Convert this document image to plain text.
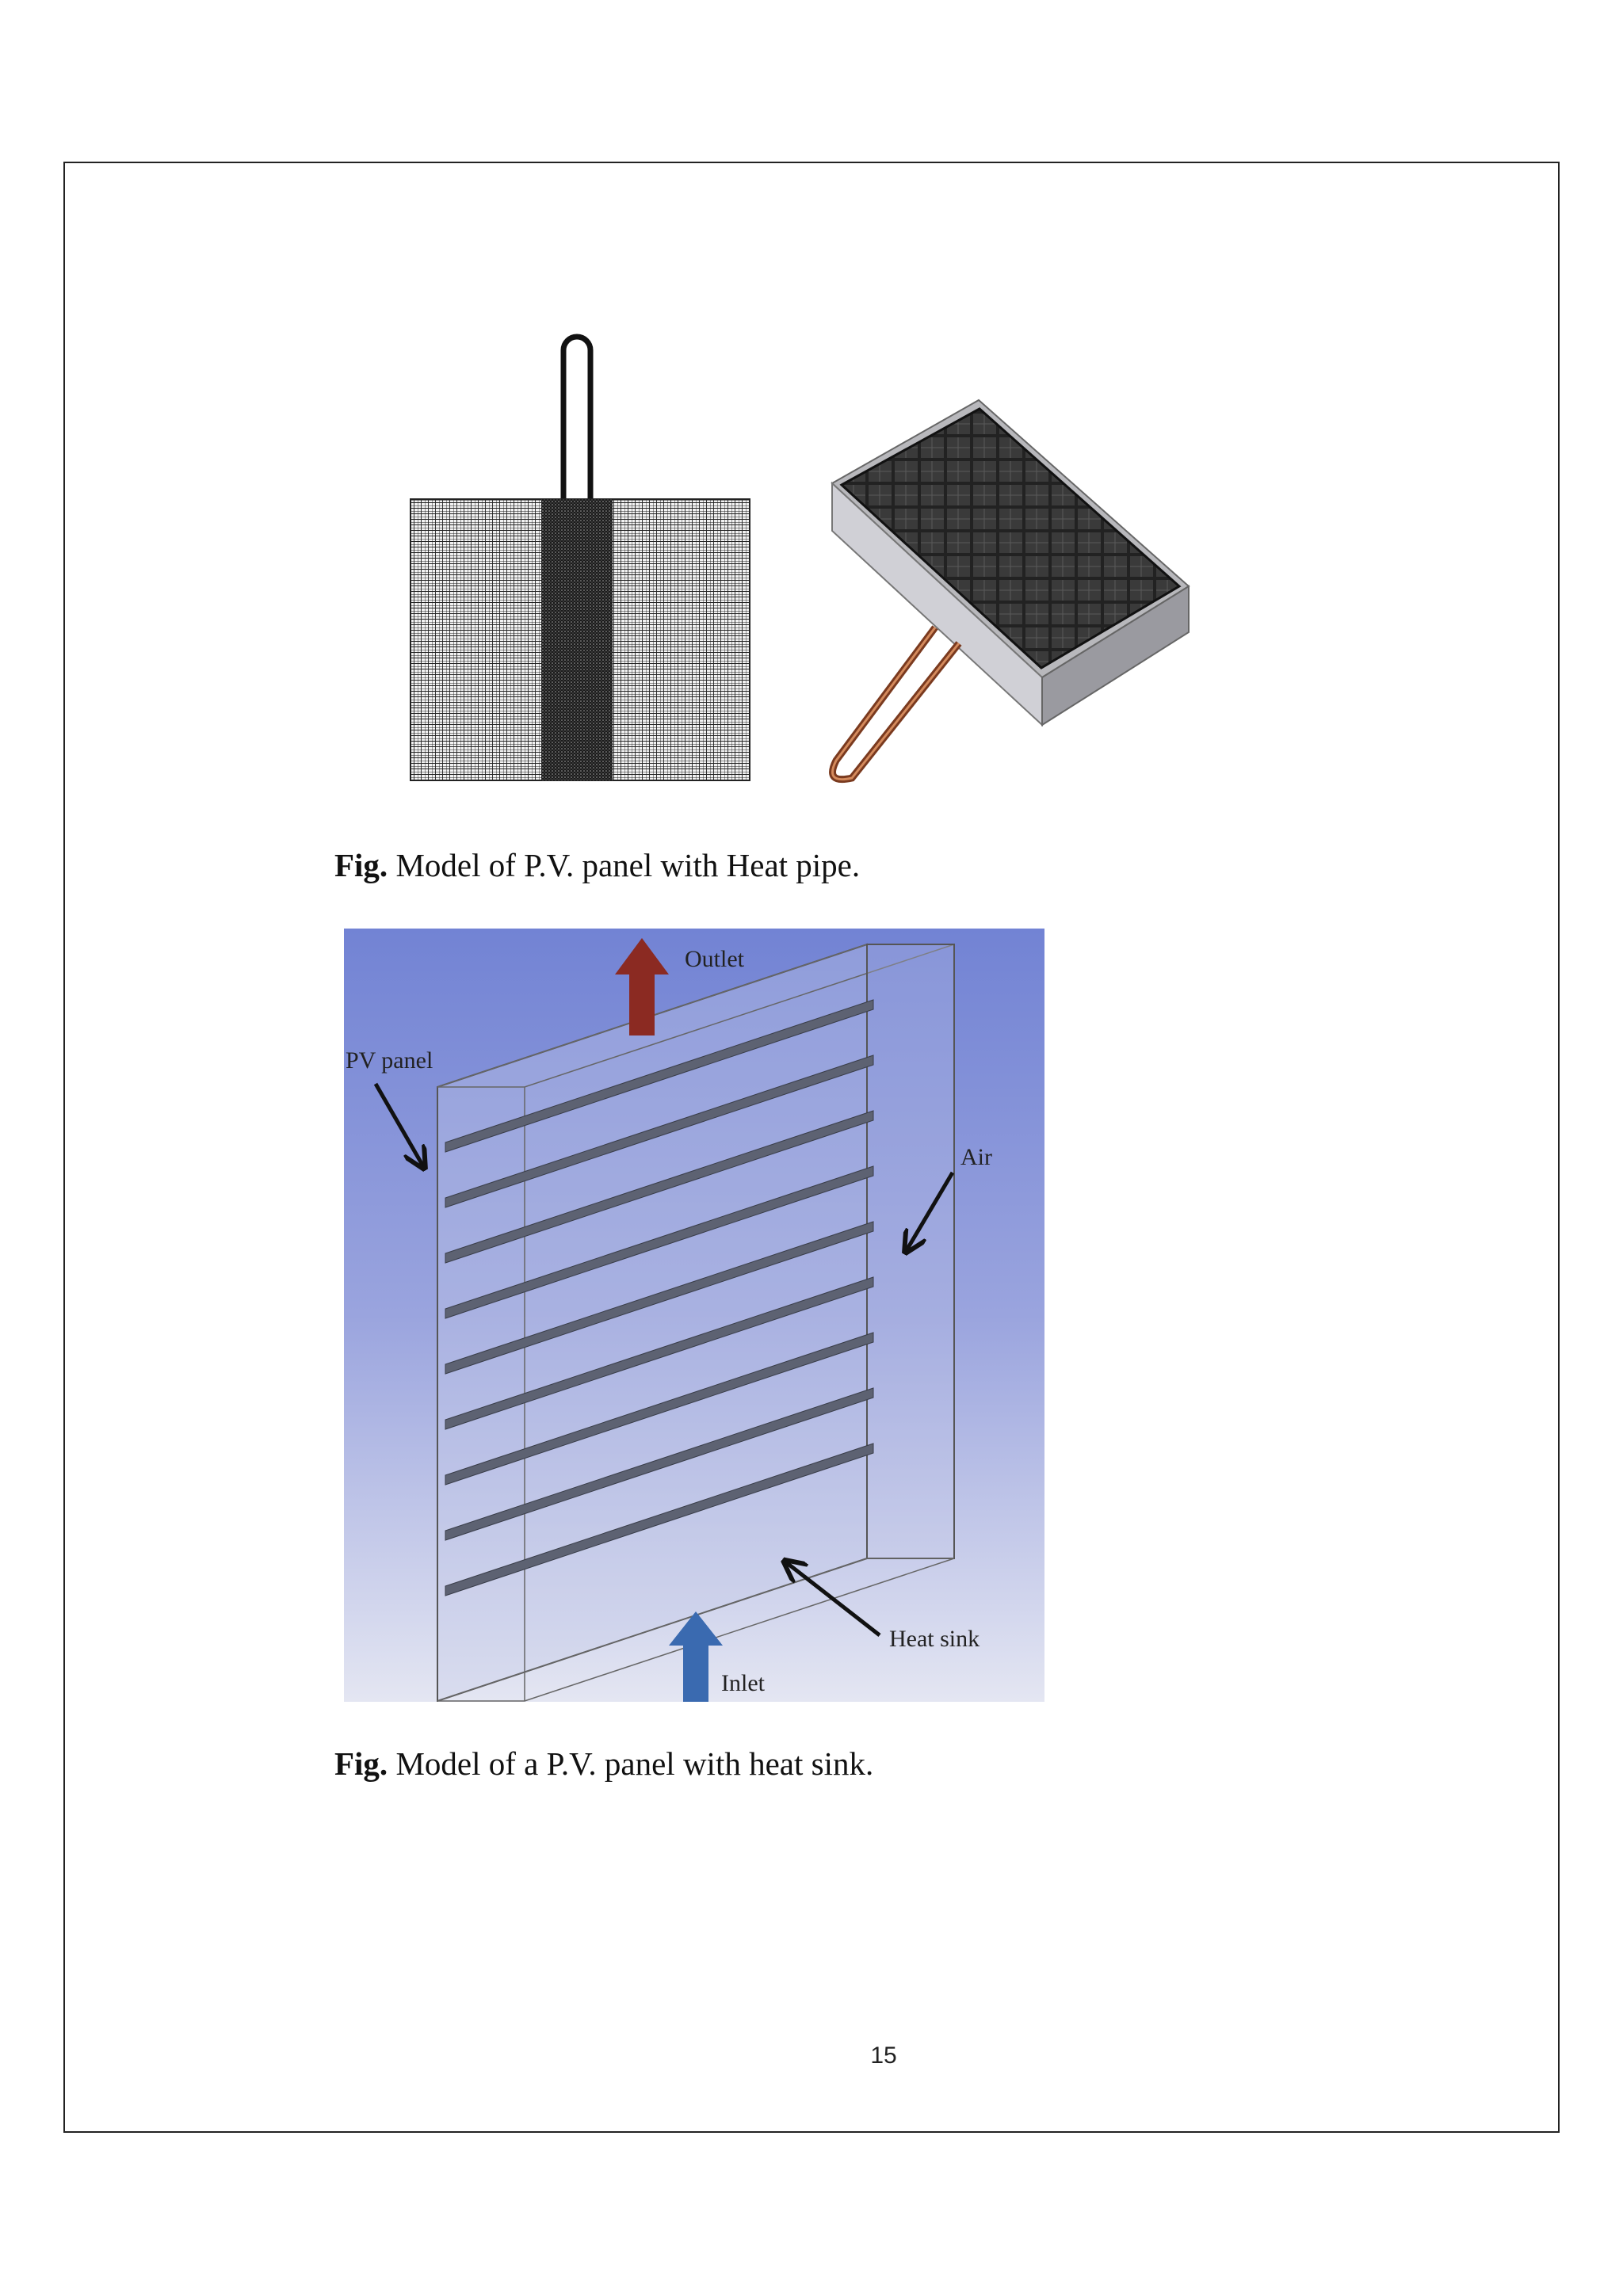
Fig. Model of P.V. panel with Heat pipe.
Outlet
PV panel
Air
Heat sink
Inlet
Fig. Model of a P.V. panel with heat sink.
15
